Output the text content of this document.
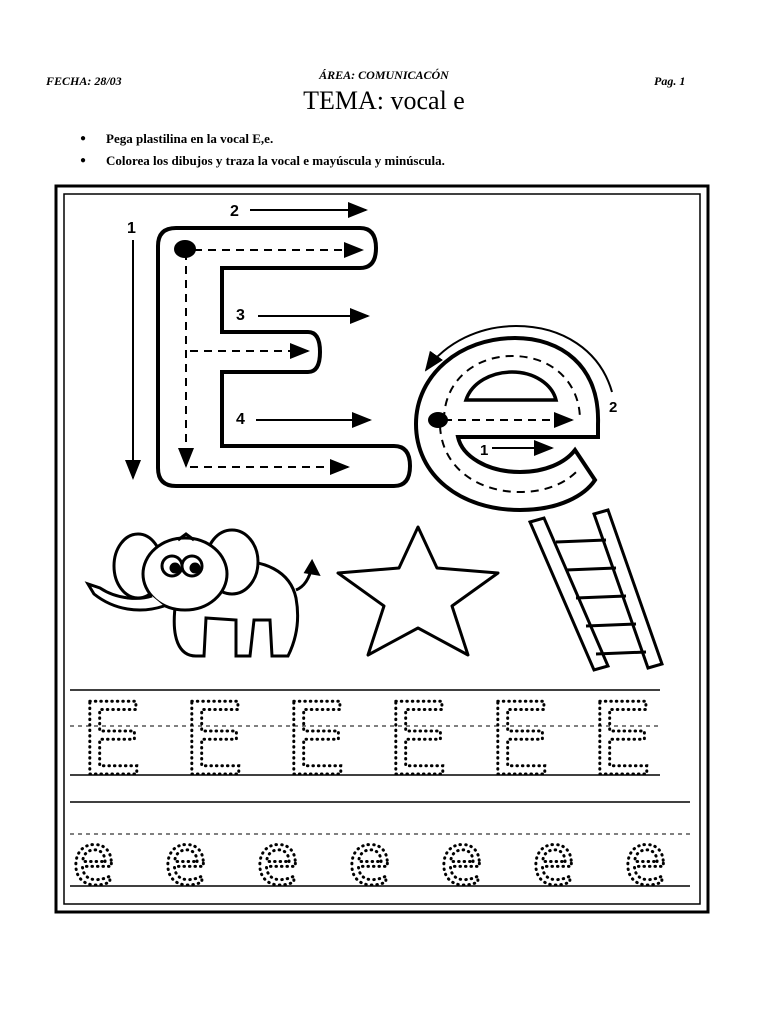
FECHA: 28/03	ÁREA: COMUNICACÓN	Pag. 1
TEMA: vocal e
● Pega plastilina en la vocal E,e.
● Colorea los dibujos y traza la vocal e mayúscula y minúscula.
1
2
3
4
1
2
E E E E E E
e e e e e e e
